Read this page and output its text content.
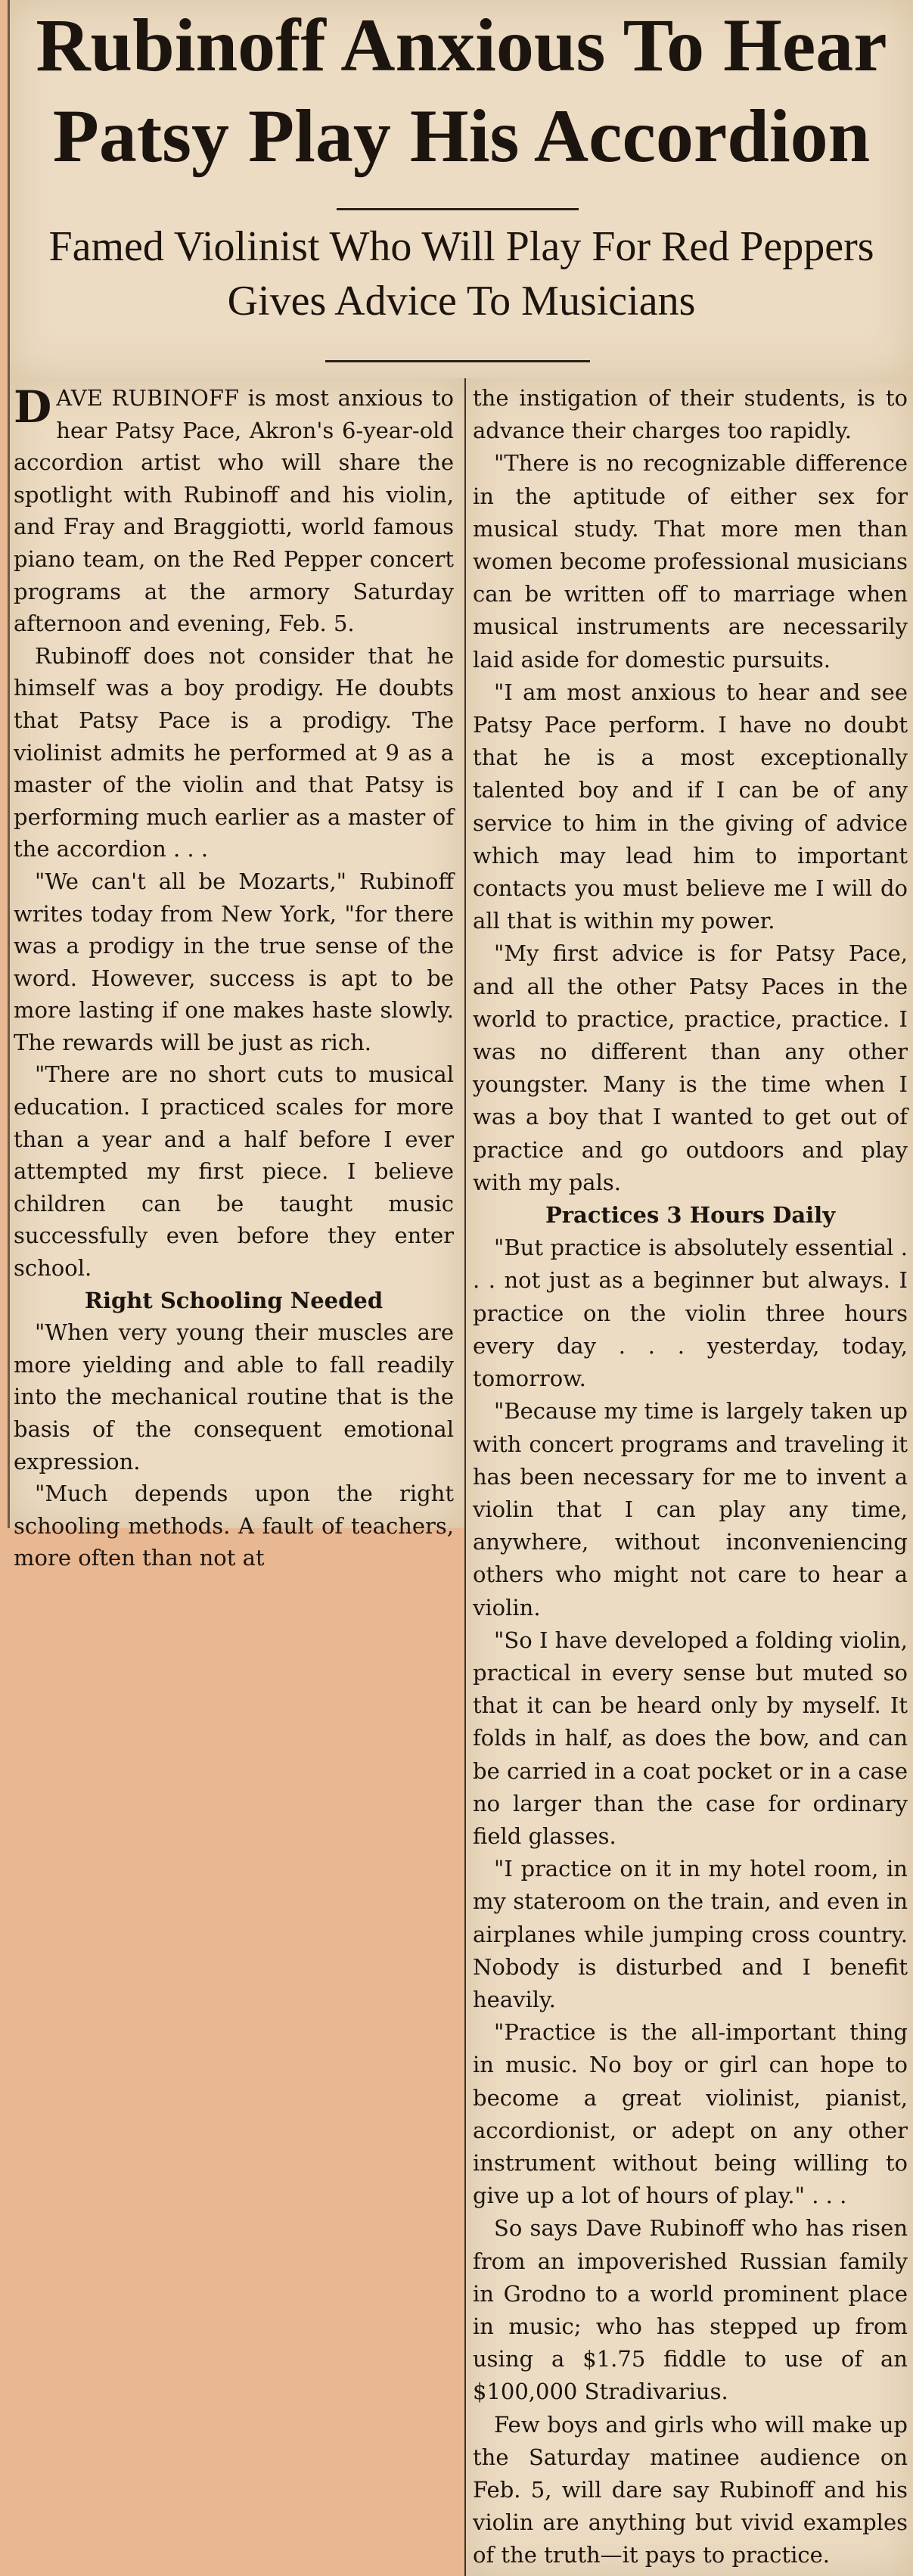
Rubinoff Anxious To Hear Patsy Play His Accordion
Famed Violinist Who Will Play For Red Peppers Gives Advice To Musicians

DAVE RUBINOFF is most anxious to hear Patsy Pace, Akron's 6-year-old accordion artist who will share the spotlight with Rubinoff and his violin, and Fray and Braggiotti, world famous piano team, on the Red Pepper concert programs at the armory Saturday afternoon and evening, Feb. 5.

Rubinoff does not consider that he himself was a boy prodigy. He doubts that Patsy Pace is a prodigy. The violinist admits he performed at 9 as a master of the violin and that Patsy is performing much earlier as a master of the accordion . . .

"We can't all be Mozarts," Rubinoff writes today from New York, "for there was a prodigy in the true sense of the word. However, success is apt to be more lasting if one makes haste slowly. The rewards will be just as rich.

"There are no short cuts to musical education. I practiced scales for more than a year and a half before I ever attempted my first piece. I believe children can be taught music successfully even before they enter school.

Right Schooling Needed

"When very young their muscles are more yielding and able to fall readily into the mechanical routine that is the basis of the consequent emotional expression.

"Much depends upon the right schooling methods. A fault of teachers, more often than not at

the instigation of their students, is to advance their charges too rapidly.

"There is no recognizable difference in the aptitude of either sex for musical study. That more men than women become professional musicians can be written off to marriage when musical instruments are necessarily laid aside for domestic pursuits.

"I am most anxious to hear and see Patsy Pace perform. I have no doubt that he is a most exceptionally talented boy and if I can be of any service to him in the giving of advice which may lead him to important contacts you must believe me I will do all that is within my power.

"My first advice is for Patsy Pace, and all the other Patsy Paces in the world to practice, practice, practice. I was no different than any other youngster. Many is the time when I was a boy that I wanted to get out of practice and go outdoors and play with my pals.

Practices 3 Hours Daily

"But practice is absolutely essential . . . not just as a beginner but always. I practice on the violin three hours every day . . . yesterday, today, tomorrow.

"Because my time is largely taken up with concert programs and traveling it has been necessary for me to invent a violin that I can play any time, anywhere, without inconveniencing others who might not care to hear a violin.

"So I have developed a folding violin, practical in every sense but muted so that it can be heard only by myself. It folds in half, as does the bow, and can be carried in a coat pocket or in a case no larger than the case for ordinary field glasses.

"I practice on it in my hotel room, in my stateroom on the train, and even in airplanes while jumping cross country. Nobody is disturbed and I benefit heavily.

"Practice is the all-important thing in music. No boy or girl can hope to become a great violinist, pianist, accordionist, or adept on any other instrument without being willing to give up a lot of hours of play." . . .

So says Dave Rubinoff who has risen from an impoverished Russian family in Grodno to a world prominent place in music; who has stepped up from using a $1.75 fiddle to use of an $100,000 Stradivarius.

Few boys and girls who will make up the Saturday matinee audience on Feb. 5, will dare say Rubinoff and his violin are anything but vivid examples of the truth—it pays to practice.
